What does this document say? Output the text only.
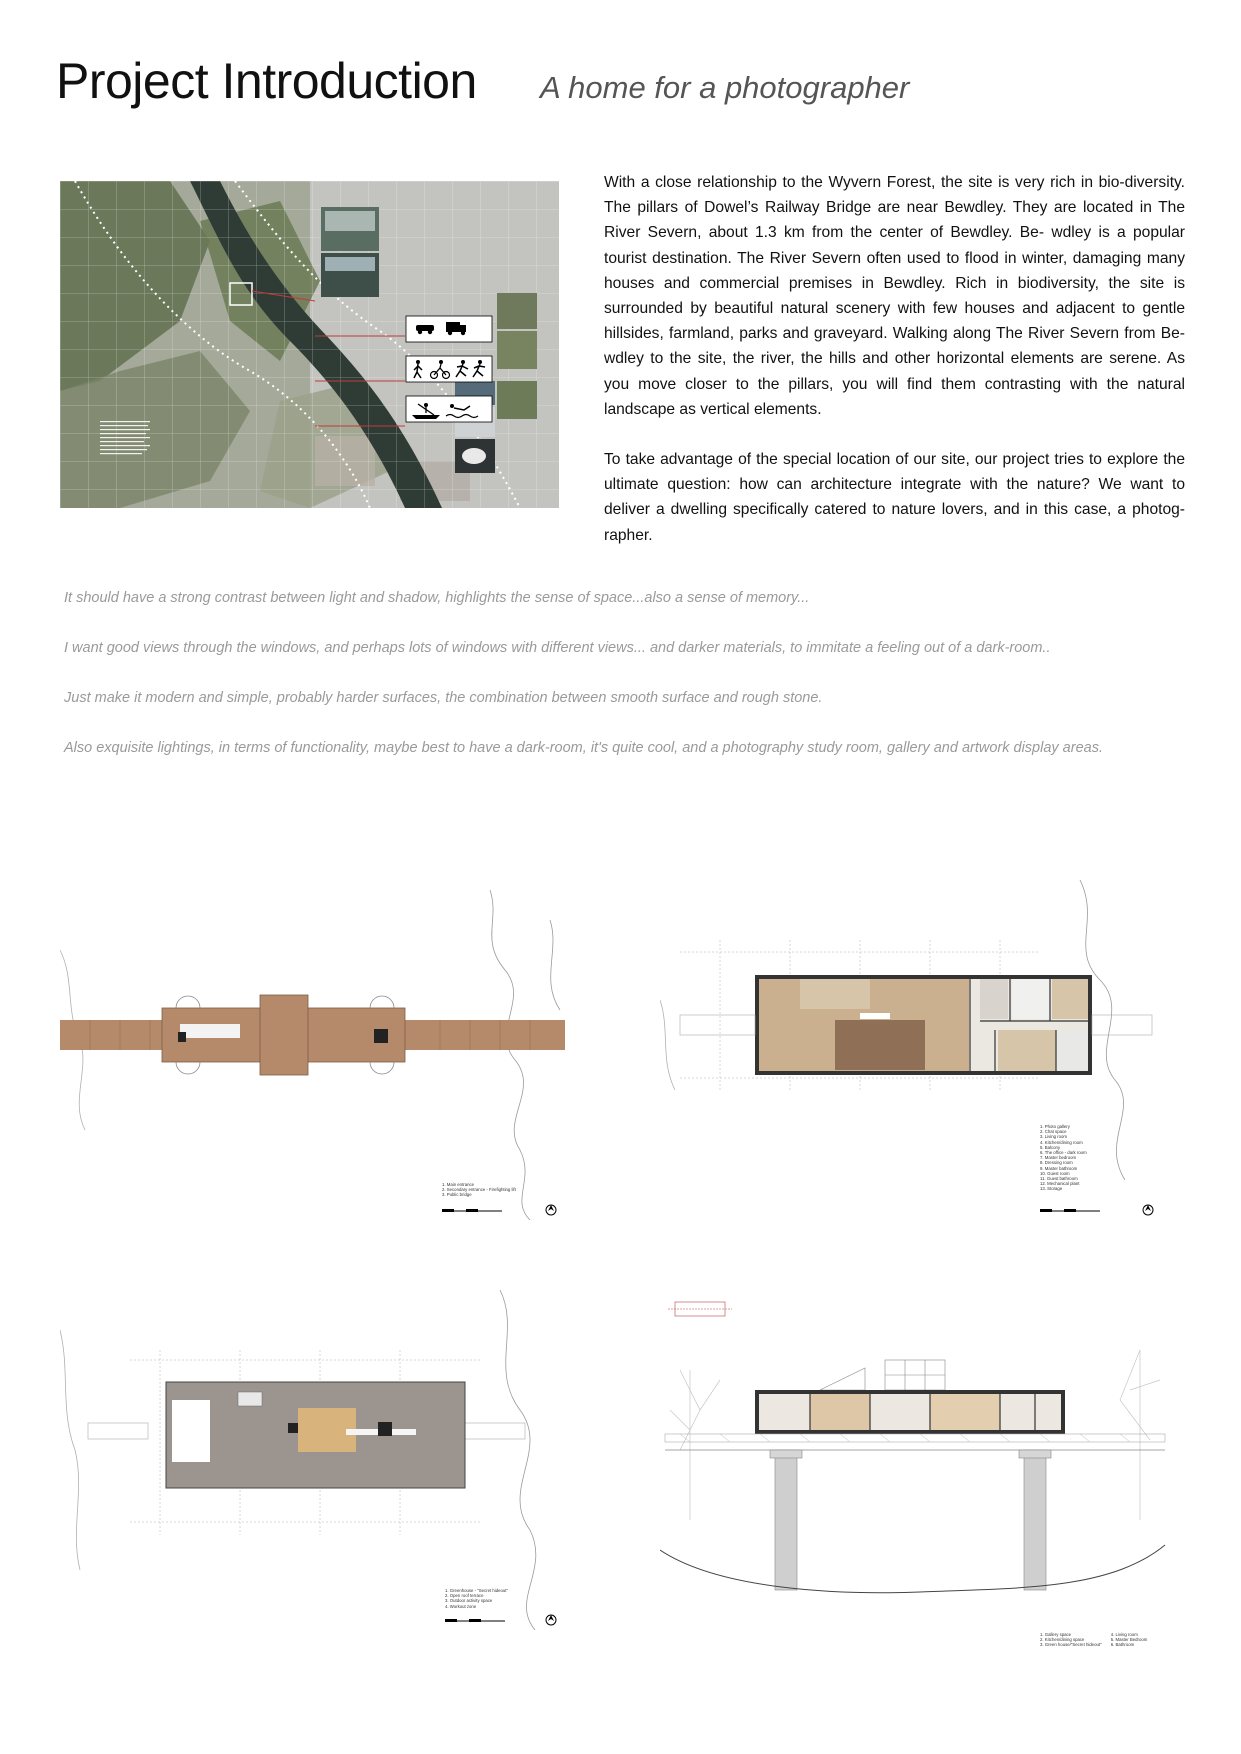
Project Introduction A home for a photographer

With a close relationship to the Wyvern Forest, the site is very rich in bio-diversity. The pillars of Dowel’s Railway Bridge are near Bewdley. They are located in The River Severn, about 1.3 km from the center of Bewdley. Be- wdley is a popular tourist destination. The River Severn often used to flood in winter, damaging many houses and commercial premises in Bewdley. Rich in biodiversity, the site is surrounded by beautiful natural scenery with few houses and adjacent to gentle hillsides, farmland, parks and graveyard. Walking along The River Severn from Be- wdley to the site, the river, the hills and other horizontal elements are serene. As you move closer to the pillars, you will find them contrasting with the natural landscape as vertical elements.

To take advantage of the special location of our site, our project tries to explore the ultimate question: how can architecture integrate with the nature? We want to deliver a dwelling specifically catered to nature lovers, and in this case, a photog- rapher.

It should have a strong contrast between light and shadow, highlights the sense of space...also a sense of memory...
I want good views through the windows, and perhaps lots of windows with different views... and darker materials, to immitate a feeling out of a dark-room..
Just make it modern and simple, probably harder surfaces, the combination between smooth surface and rough stone.
Also exquisite lightings, in terms of functionality, maybe best to have a dark-room, it's quite cool, and a photography study room, gallery and artwork display areas.
1. Main entrance
2. Secondary entrance - Firefighting lift
3. Public bridge
1. Photo gallery
2. Chat space
3. Living room
4. Kitchen/dining room
5. Balcony
6. The office - dark room
7. Master bedroom
8. Dressing room
9. Master bathroom
10. Guest room
11. Guest bathroom
12. Mechanical plant
13. Storage
1. Greenhouse - "Secret hideout"
2. Open roof terrace
3. Outdoor activity space
4. Workout zone
1. Gallery space
2. Kitchen/dining space
3. Green house/"Secret hideout"

4. Living room
5. Master Bedroom
6. Bathroom
